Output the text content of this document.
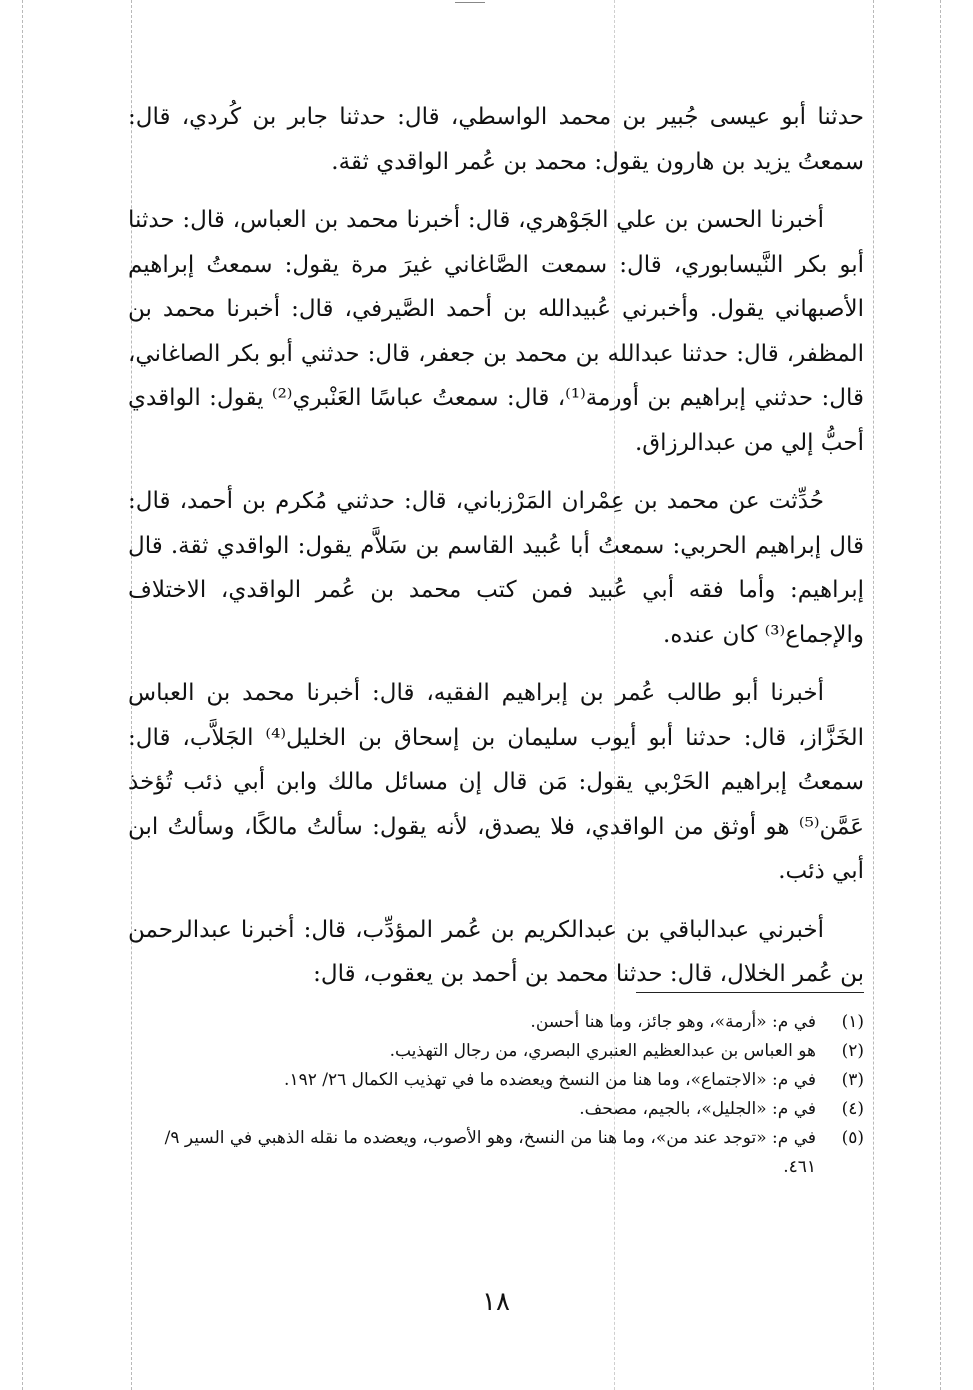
حدثنا أبو عيسى جُبير بن محمد الواسطي، قال: حدثنا جابر بن كُردي، قال: سمعتُ يزيد بن هارون يقول: محمد بن عُمر الواقدي ثقة.

أخبرنا الحسن بن علي الجَوْهري، قال: أخبرنا محمد بن العباس، قال: حدثنا أبو بكر النَّيسابوري، قال: سمعت الصَّاغاني غيرَ مرة يقول: سمعتُ إبراهيم الأصبهاني يقول. وأخبرني عُبيدالله بن أحمد الصَّيرفي، قال: أخبرنا محمد بن المظفر، قال: حدثنا عبدالله بن محمد بن جعفر، قال: حدثني أبو بكر الصاغاني، قال: حدثني إبراهيم بن أورمة⁽¹⁾، قال: سمعتُ عباسًا العَنْبري⁽²⁾ يقول: الواقدي أحبُّ إلي من عبدالرزاق.

حُدِّثت عن محمد بن عِمْران المَرْزباني، قال: حدثني مُكرم بن أحمد، قال: قال إبراهيم الحربي: سمعتُ أبا عُبيد القاسم بن سَلاَّم يقول: الواقدي ثقة. قال إبراهيم: وأما فقه أبي عُبيد فمن كتب محمد بن عُمر الواقدي، الاختلاف والإجماع⁽³⁾ كان عنده.

أخبرنا أبو طالب عُمر بن إبراهيم الفقيه، قال: أخبرنا محمد بن العباس الخَزَّاز، قال: حدثنا أبو أيوب سليمان بن إسحاق بن الخليل⁽⁴⁾ الجَلاَّب، قال: سمعتُ إبراهيم الحَرْبي يقول: مَن قال إن مسائل مالك وابن أبي ذئب تُؤخذ عَمَّن⁽⁵⁾ هو أوثق من الواقدي، فلا يصدق، لأنه يقول: سألتُ مالكًا، وسألتُ ابن أبي ذئب.

أخبرني عبدالباقي بن عبدالكريم بن عُمر المؤدِّب، قال: أخبرنا عبدالرحمن بن عُمر الخلال، قال: حدثنا محمد بن أحمد بن يعقوب، قال:

(١)
في م: «أرمة»، وهو جائز، وما هنا أحسن.
(٢)
هو العباس بن عبدالعظيم العنبري البصري، من رجال التهذيب.
(٣)
في م: «الاجتماع»، وما هنا من النسخ ويعضده ما في تهذيب الكمال ٢٦/ ١٩٢.
(٤)
في م: «الجليل»، بالجيم، مصحف.
(٥)
في م: «توجد عند من»، وما هنا من النسخ، وهو الأصوب، ويعضده ما نقله الذهبي في السير ٩/ ٤٦١.
١٨
